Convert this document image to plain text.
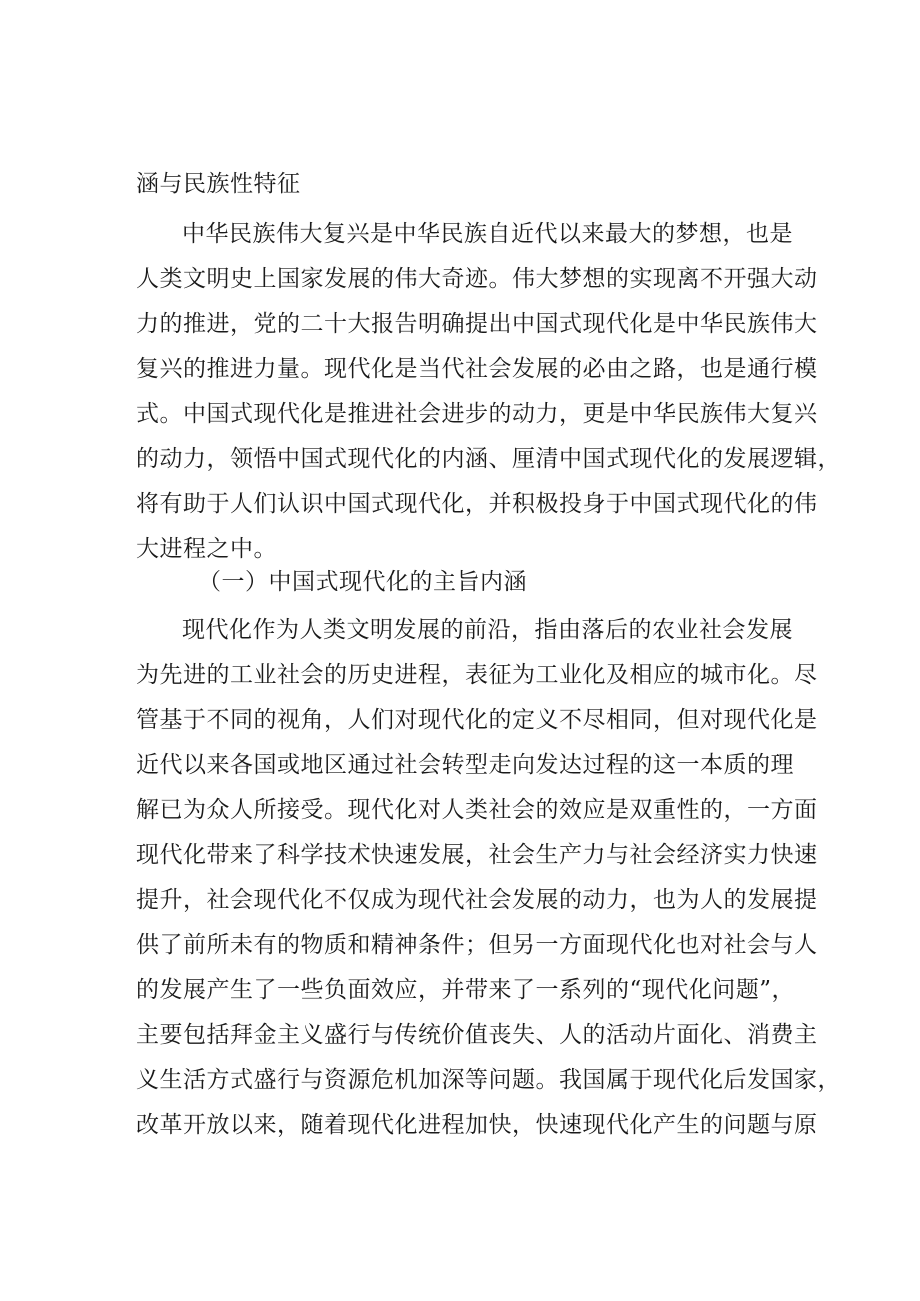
涵与民族性特征
中华民族伟大复兴是中华民族自近代以来最大的梦想，也是
人类文明史上国家发展的伟大奇迹。伟大梦想的实现离不开强大动
力的推进，党的二十大报告明确提出中国式现代化是中华民族伟大
复兴的推进力量。现代化是当代社会发展的必由之路，也是通行模
式。中国式现代化是推进社会进步的动力，更是中华民族伟大复兴
的动力，领悟中国式现代化的内涵、厘清中国式现代化的发展逻辑，
将有助于人们认识中国式现代化，并积极投身于中国式现代化的伟
大进程之中。
（一）中国式现代化的主旨内涵
现代化作为人类文明发展的前沿，指由落后的农业社会发展
为先进的工业社会的历史进程，表征为工业化及相应的城市化。尽
管基于不同的视角，人们对现代化的定义不尽相同，但对现代化是
近代以来各国或地区通过社会转型走向发达过程的这一本质的理
解已为众人所接受。现代化对人类社会的效应是双重性的，一方面
现代化带来了科学技术快速发展，社会生产力与社会经济实力快速
提升，社会现代化不仅成为现代社会发展的动力，也为人的发展提
供了前所未有的物质和精神条件；但另一方面现代化也对社会与人
的发展产生了一些负面效应，并带来了一系列的“现代化问题”，
主要包括拜金主义盛行与传统价值丧失、人的活动片面化、消费主
义生活方式盛行与资源危机加深等问题。我国属于现代化后发国家，
改革开放以来，随着现代化进程加快，快速现代化产生的问题与原
